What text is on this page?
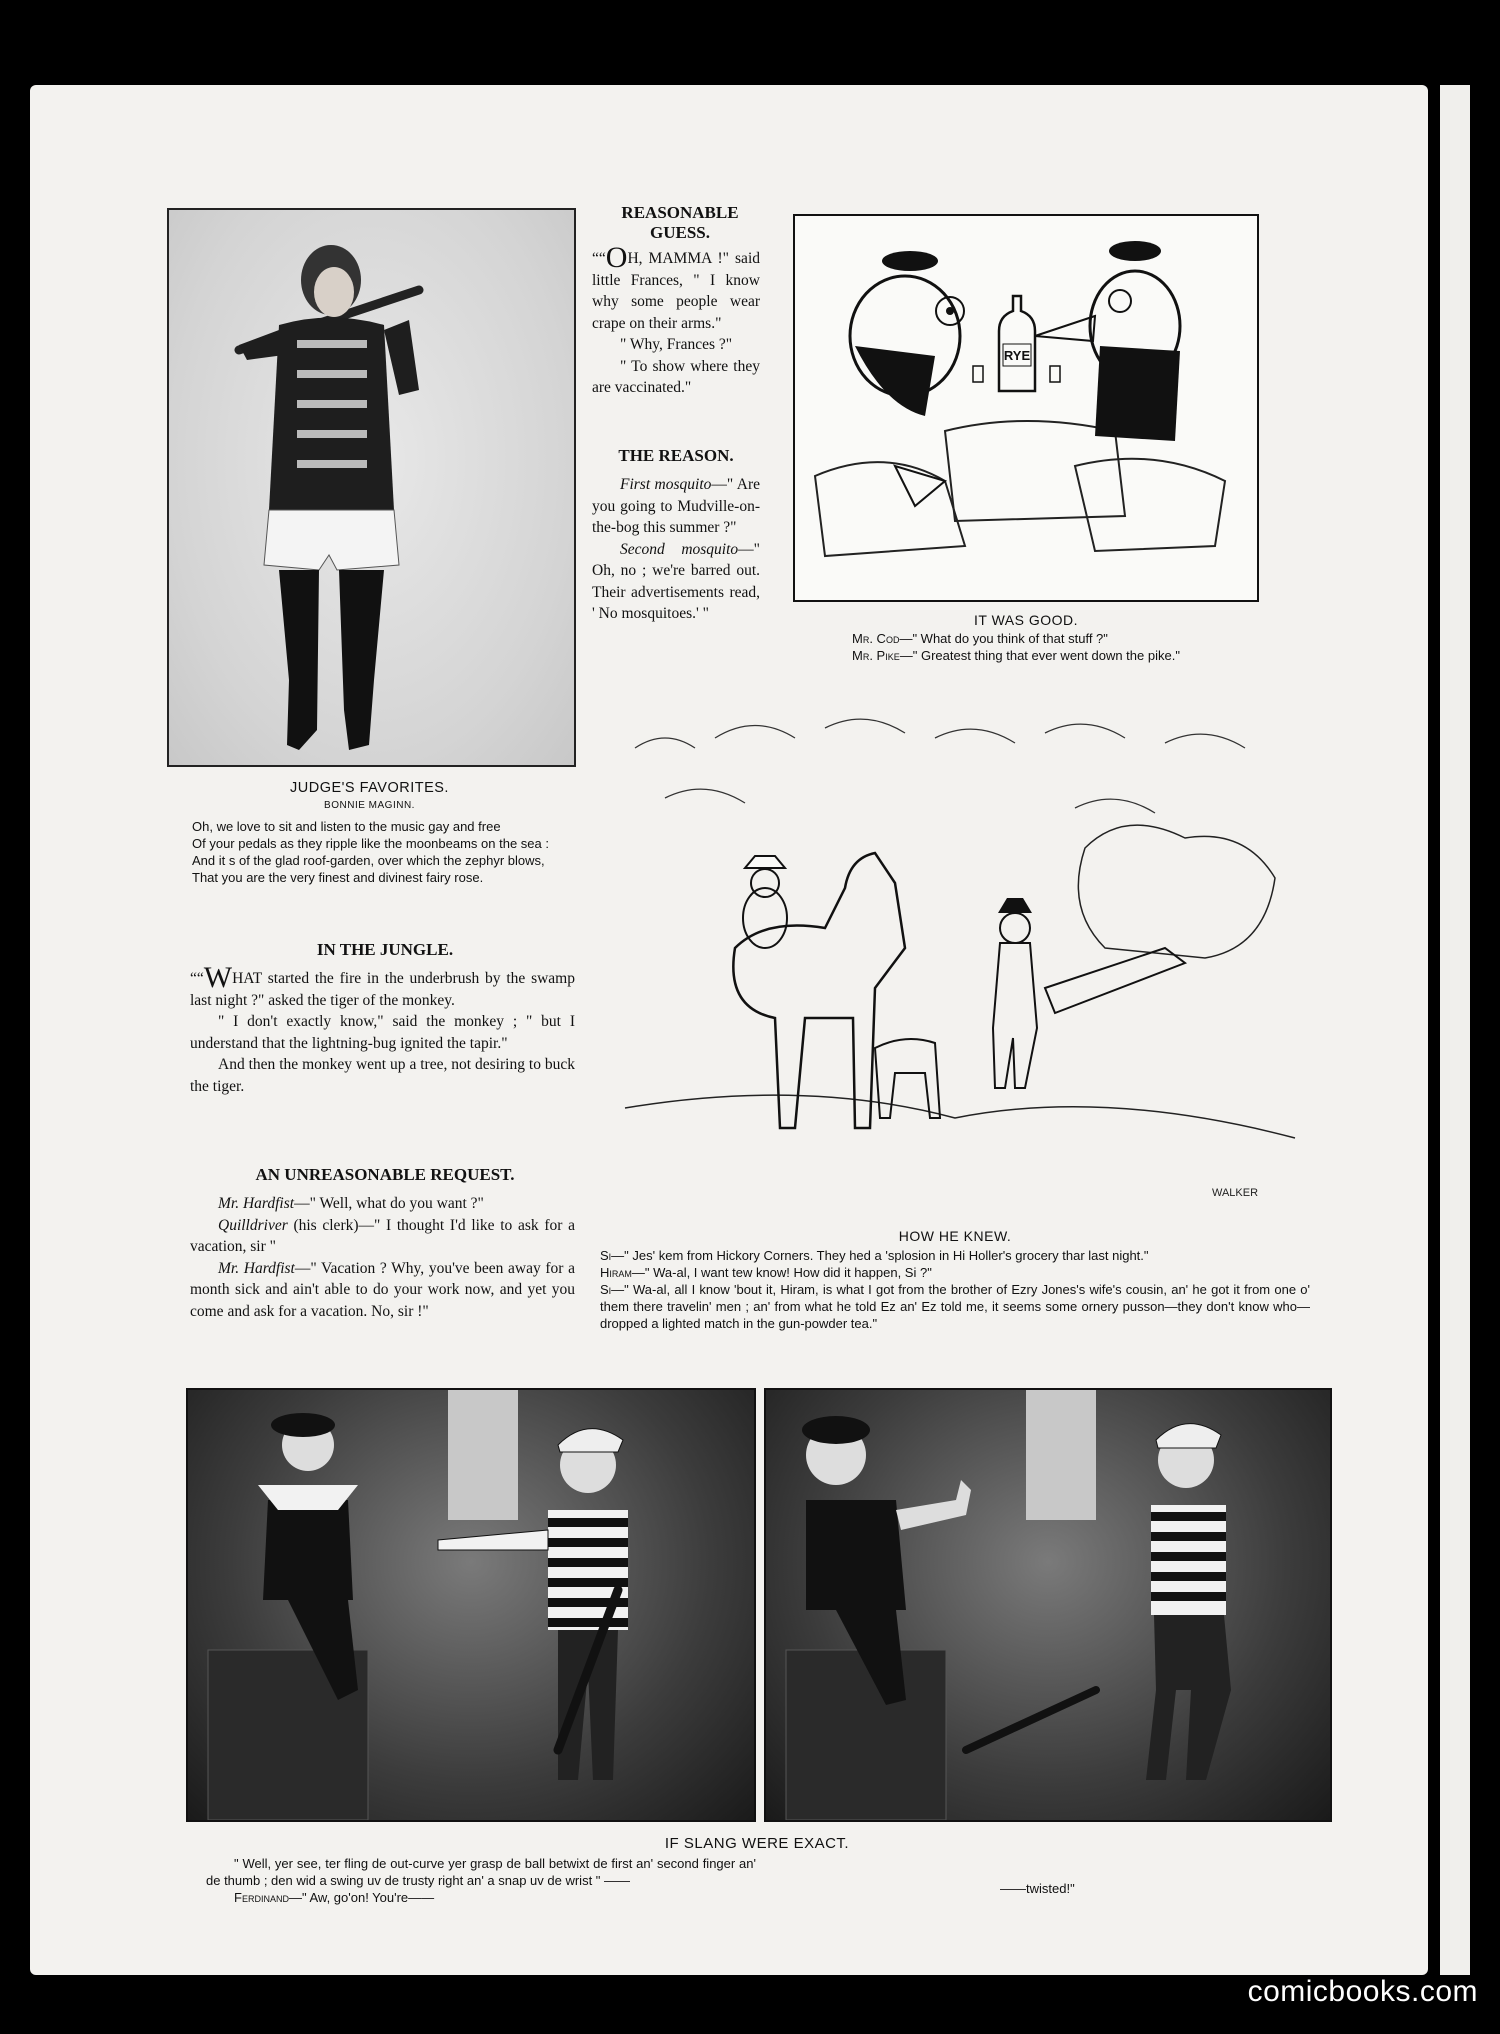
JUDGE'S FAVORITES.
BONNIE MAGINN.
Oh, we love to sit and listen to the music gay and free
Of your pedals as they ripple like the moonbeams on the sea :
And it s of the glad roof-garden, over which the zephyr blows,
That you are the very finest and divinest fairy rose.
IN THE JUNGLE.

““WHAT started the fire in the underbrush by the swamp last night ?" asked the tiger of the monkey.

" I don't exactly know," said the monkey ; " but I understand that the lightning-bug ignited the tapir."

And then the monkey went up a tree, not desiring to buck the tiger.

AN UNREASONABLE REQUEST.

Mr. Hardfist—" Well, what do you want ?"

Quilldriver (his clerk)—" I thought I'd like to ask for a vacation, sir "

Mr. Hardfist—" Vacation ? Why, you've been away for a month sick and ain't able to do your work now, and yet you come and ask for a vacation. No, sir !"

REASONABLE GUESS.

““OH, MAMMA !" said little Frances, " I know why some people wear crape on their arms."

" Why, Frances ?"

" To show where they are vaccinated."

THE REASON.

First mosquito—" Are you going to Mudville-on-the-bog this summer ?"

Second mosquito—" Oh, no ; we're barred out. Their advertisements read, ' No mosquitoes.' "

RYE
IT WAS GOOD.
Mr. Cod—" What do you think of that stuff ?"
Mr. Pike—" Greatest thing that ever went down the pike."
WALKER
HOW HE KNEW.
Si—" Jes' kem from Hickory Corners. They hed a 'splosion in Hi Holler's grocery thar last night."
Hiram—" Wa-al, I want tew know! How did it happen, Si ?"
Si—" Wa-al, all I know 'bout it, Hiram, is what I got from the brother of Ezry Jones's wife's cousin, an' he got it from one o' them there travelin' men ; an' from what he told Ez an' Ez told me, it seems some ornery pusson—they don't know who—dropped a lighted match in the gun-powder tea."
IF SLANG WERE EXACT.
" Well, yer see, ter fling de out-curve yer grasp de ball betwixt de first an' second finger an' de thumb ; den wid a swing uv de trusty right an' a snap uv de wrist " ——
Ferdinand—" Aw, go'on! You're——
——twisted!"
comicbooks.com
